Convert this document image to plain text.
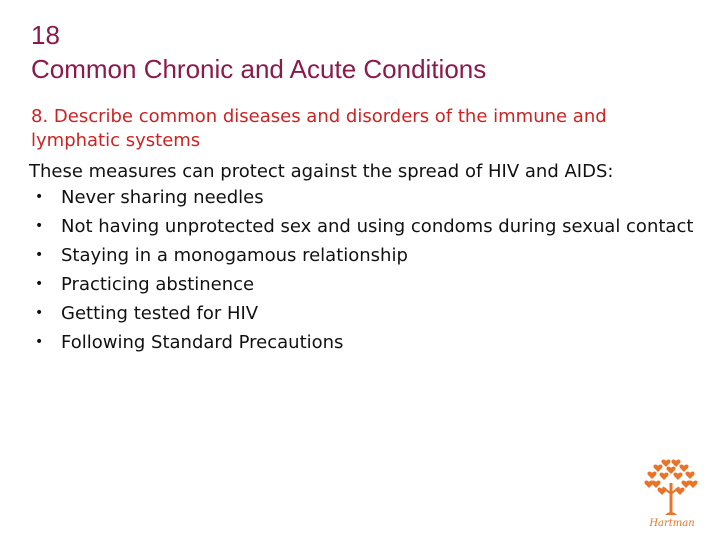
18
Common Chronic and Acute Conditions
8. Describe common diseases and disorders of the immune and lymphatic systems
These measures can protect against the spread of HIV and AIDS:
• Never sharing needles
• Not having unprotected sex and using condoms during sexual contact
• Staying in a monogamous relationship
• Practicing abstinence
• Getting tested for HIV
• Following Standard Precautions
Hartman
